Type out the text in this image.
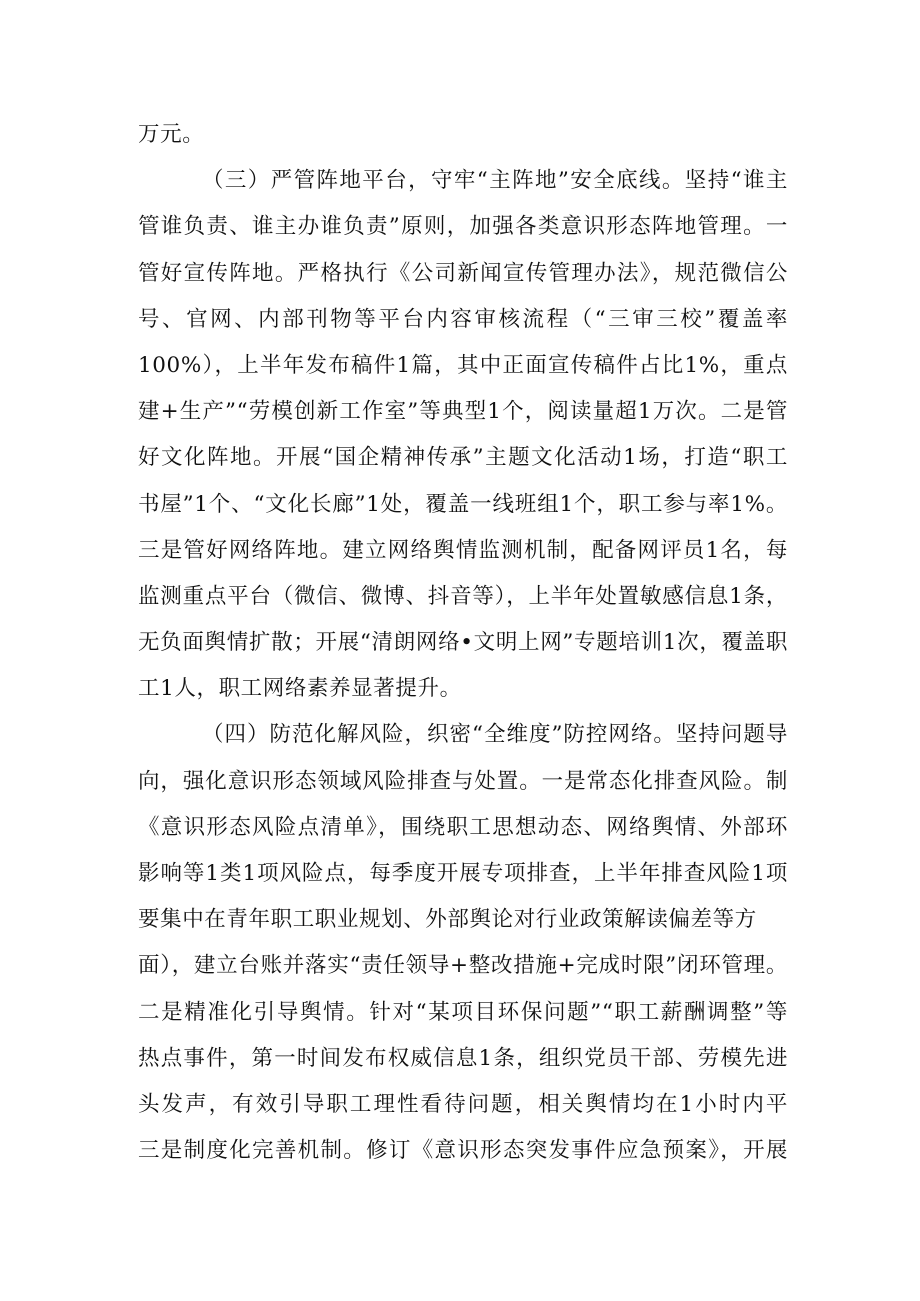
万元。
（三）严管阵地平台，守牢“主阵地”安全底线。坚持“谁主
管谁负责、谁主办谁负责”原则，加强各类意识形态阵地管理。一
管好宣传阵地。严格执行《公司新闻宣传管理办法》，规范微信公
号、官网、内部刊物等平台内容审核流程（“三审三校”覆盖率
100%），上半年发布稿件1篇，其中正面宣传稿件占比1%，重点
建+生产”“劳模创新工作室”等典型1个，阅读量超1万次。二是管
好文化阵地。开展“国企精神传承”主题文化活动1场，打造“职工
书屋”1个、“文化长廊”1处，覆盖一线班组1个，职工参与率1%。
三是管好网络阵地。建立网络舆情监测机制，配备网评员1名，每
监测重点平台（微信、微博、抖音等），上半年处置敏感信息1条，
无负面舆情扩散；开展“清朗网络•文明上网”专题培训1次，覆盖职
工1人，职工网络素养显著提升。
（四）防范化解风险，织密“全维度”防控网络。坚持问题导
向，强化意识形态领域风险排查与处置。一是常态化排查风险。制
《意识形态风险点清单》，围绕职工思想动态、网络舆情、外部环
影响等1类1项风险点，每季度开展专项排查，上半年排查风险1项
要集中在青年职工职业规划、外部舆论对行业政策解读偏差等方
面），建立台账并落实“责任领导+整改措施+完成时限”闭环管理。
二是精准化引导舆情。针对“某项目环保问题”“职工薪酬调整”等
热点事件，第一时间发布权威信息1条，组织党员干部、劳模先进
头发声，有效引导职工理性看待问题，相关舆情均在1小时内平
三是制度化完善机制。修订《意识形态突发事件应急预案》，开展
